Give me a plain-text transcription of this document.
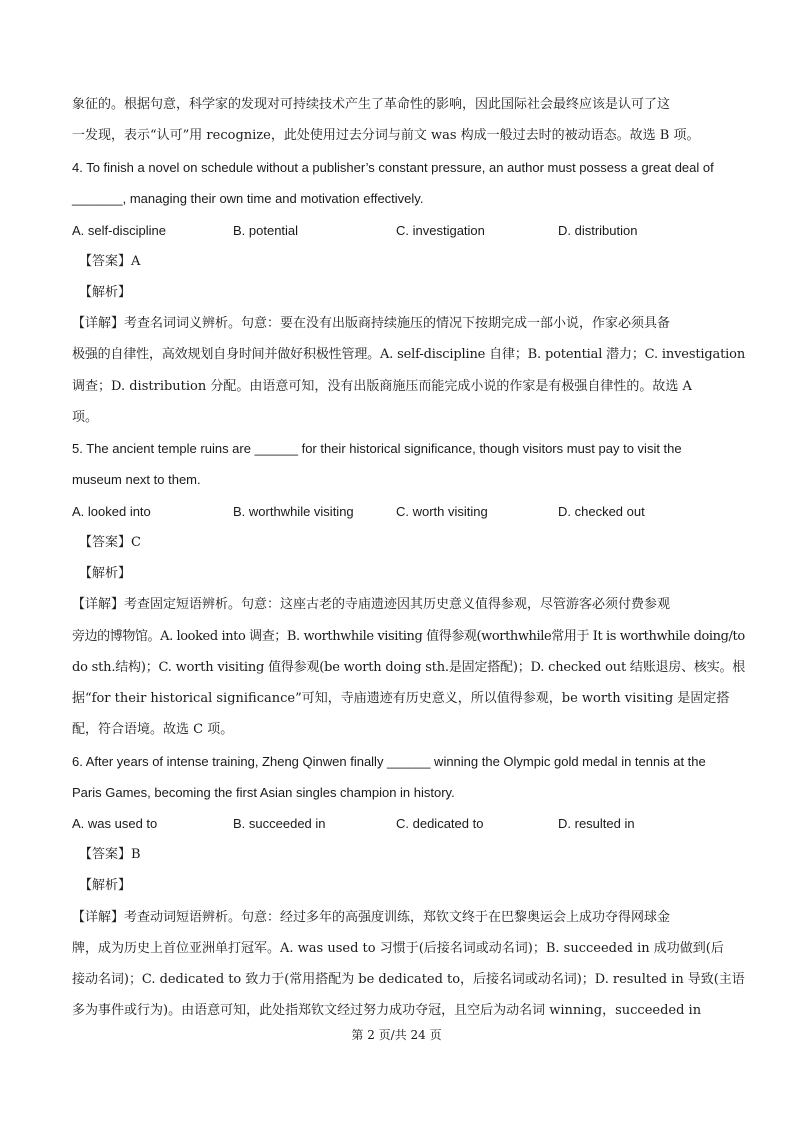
象征的。根据句意，科学家的发现对可持续技术产生了革命性的影响，因此国际社会最终应该是认可了这
一发现，表示“认可”用 recognize，此处使用过去分词与前文 was 构成一般过去时的被动语态。故选 B 项。
4. To finish a novel on schedule without a publisher’s constant pressure, an author must possess a great deal of
_______, managing their own time and motivation effectively.
A. self-discipline	B. potential	C. investigation	D. distribution
【答案】A
【解析】
【详解】考查名词词义辨析。句意：要在没有出版商持续施压的情况下按期完成一部小说，作家必须具备
极强的自律性，高效规划自身时间并做好积极性管理。A. self-discipline 自律；B. potential 潜力；C. investigation
调查；D. distribution 分配。由语意可知，没有出版商施压而能完成小说的作家是有极强自律性的。故选 A
项。
5. The ancient temple ruins are ______ for their historical significance, though visitors must pay to visit the
museum next to them.
A. looked into	B. worthwhile visiting	C. worth visiting	D. checked out
【答案】C
【解析】
【详解】考查固定短语辨析。句意：这座古老的寺庙遗迹因其历史意义值得参观，尽管游客必须付费参观
旁边的博物馆。A. looked into 调查；B. worthwhile visiting 值得参观(worthwhile常用于 It is worthwhile doing/to
do sth.结构)；C. worth visiting 值得参观(be worth doing sth.是固定搭配)；D. checked out 结账退房、核实。根
据“for their historical significance”可知，寺庙遗迹有历史意义，所以值得参观，be worth visiting 是固定搭
配，符合语境。故选 C 项。
6. After years of intense training, Zheng Qinwen finally ______ winning the Olympic gold medal in tennis at the
Paris Games, becoming the first Asian singles champion in history.
A. was used to	B. succeeded in	C. dedicated to	D. resulted in
【答案】B
【解析】
【详解】考查动词短语辨析。句意：经过多年的高强度训练，郑钦文终于在巴黎奥运会上成功夺得网球金
牌，成为历史上首位亚洲单打冠军。A. was used to 习惯于(后接名词或动名词)；B. succeeded in 成功做到(后
接动名词)；C. dedicated to 致力于(常用搭配为 be dedicated to，后接名词或动名词)；D. resulted in 导致(主语
多为事件或行为)。由语意可知，此处指郑钦文经过努力成功夺冠，且空后为动名词 winning，succeeded in
第 2 页/共 24 页
